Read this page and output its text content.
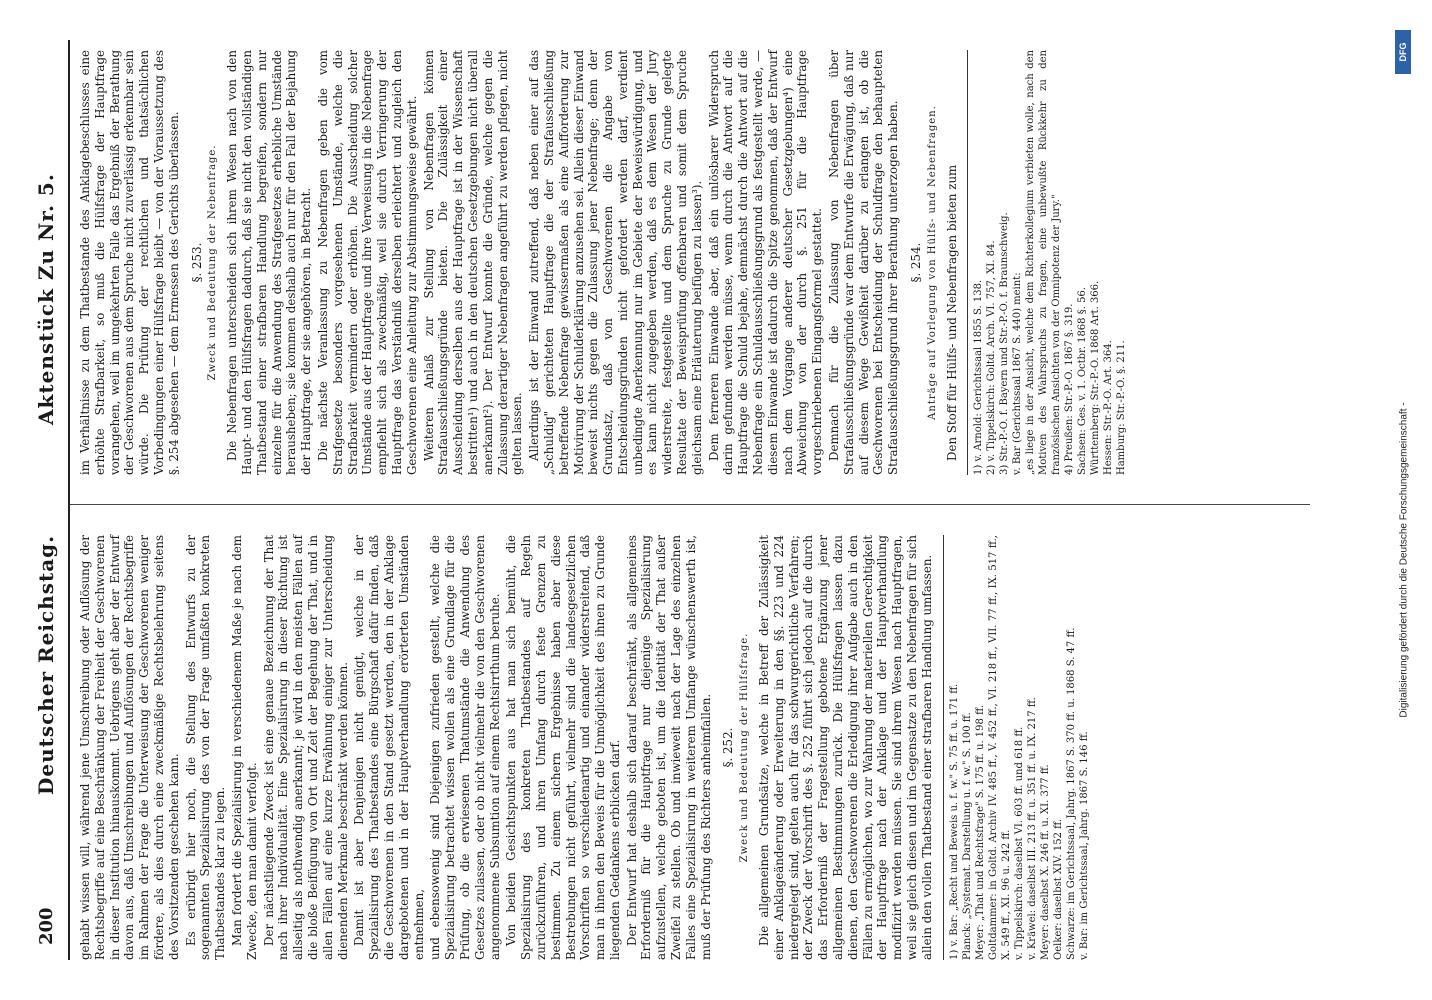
200
Deutscher Reichstag.
Aktenstück Zu Nr. 5.

gehabt wissen will, während jene Umschreibung oder Auflösung der Rechtsbegriffe auf eine Beschränkung der Freiheit der Geschworenen in dieser Institution hinauskommt. Uebrigens geht aber der Entwurf davon aus, daß Umschreibungen und Auflösungen der Rechtsbegriffe im Rahmen der Frage die Unterweisung der Geschworenen weniger fördere, als dies durch eine zweckmäßige Rechtsbelehrung seitens des Vorsitzenden geschehen kann. Es erübrigt hier noch, die Stellung des Entwurfs zu der sogenannten Spezialisirung des von der Frage umfaßten konkreten Thatbestandes klar zu legen. Man fordert die Spezialisirung in verschiedenem Maße je nach dem Zwecke, den man damit verfolgt. Der nächstliegende Zweck ist eine genaue Bezeichnung der That nach ihrer Individualität. Eine Spezialisirung in dieser Richtung ist allseitig als nothwendig anerkannt; je wird in den meisten Fällen auf die bloße Beifügung von Ort und Zeit der Begehung der That, und in allen Fällen auf eine kurze Erwähnung einiger zur Unterscheidung dienenden Merkmale beschränkt werden können. Damit ist aber Denjenigen nicht genügt, welche in der Spezialisirung des Thatbestandes eine Bürgschaft dafür finden, daß die Geschworenen in den Stand gesetzt werden, den in der Anklage dargebotenen und in der Hauptverhandlung erörterten Umständen entnehmen, und ebensowenig sind Diejenigen zufrieden gestellt, welche die Spezialisirung betrachtet wissen wollen als eine Grundlage für die Prüfung, ob die erwiesenen Thatumstände die Anwendung des Gesetzes zulassen, oder ob nicht vielmehr die von den Geschworenen angenommene Subsumtion auf einem Rechtsirrthum beruhe. Von beiden Gesichtspunkten aus hat man sich bemüht, die Spezialisirung des konkreten Thatbestandes auf Regeln zurückzuführen, und ihren Umfang durch feste Grenzen zu bestimmen. Zu einem sichern Ergebnisse haben aber diese Bestrebungen nicht geführt, vielmehr sind die landesgesetzlichen Vorschriften so verschiedenartig und einander widerstreitend, daß man in ihnen den Beweis für die Unmöglichkeit des ihnen zu Grunde liegenden Gedankens erblicken darf. Der Entwurf hat deshalb sich darauf beschränkt, als allgemeines Erforderniß für die Hauptfrage nur diejenige Spezialisirung aufzustellen, welche geboten ist, um die Identität der That außer Zweifel zu stellen. Ob und inwieweit nach der Lage des einzelnen Falles eine Spezialisirung in weiterem Umfange wünschenswerth ist, muß der Prüfung des Richters anheimfallen. §. 252. Zweck und Bedeutung der Hülfsfrage. Die allgemeinen Grundsätze, welche in Betreff der Zulässigkeit einer Anklageänderung oder Erweiterung in den §§. 223 und 224 niedergelegt sind, gelten auch für das schwurgerichtliche Verfahren; der Zweck der Vorschrift des §. 252 führt sich jedoch auf die durch das Erforderniß der Fragestellung gebotene Ergänzung jener allgemeinen Bestimmungen zurück. Die Hülfsfragen lassen dazu dienen, den Geschworenen die Erledigung ihrer Aufgabe auch in den Fällen zu ermöglichen, wo zur Wahrung der materiellen Gerechtigkeit der Hauptfrage nach der Anklage und der Hauptverhandlung modifizirt werden müssen. Sie sind ihrem Wesen nach Hauptfragen, weil sie gleich diesen und im Gegensatze zu den Nebenfragen für sich allein den vollen Thatbestand einer strafbaren Handlung umfassen. 1) v. Bar: „Recht und Beweis u. f. w." S. 75 ff. u. 171 ff. Planck: „Systemat. Darstellung u. f. w." S. 100 ff. Meyer: „That und Rechtsfrage" S. 175 ff. u. 198 ff. Goltdammer: in Goltd. Archiv IV. 485 ff., V. 452 ff., VI. 218 ff., VII. 77 ff., IX. 517 ff., X. 549 ff., XI. 96 u. 242 ff. v. Tippelskirch: daselbst VI. 603 ff. und 618 ff. v. Kräwel: daselbst III. 213 ff. u. 351 ff. u. IX. 217 ff. Meyer: daselbst X. 246 ff. u. XI. 377 ff. Oelker: daselbst XIV. 152 ff. Schwarze: im Gerichtssaal, Jahrg. 1867 S. 370 ff. u. 1868 S. 47 ff. v. Bar: im Gerichtssaal, Jahrg. 1867 S. 146 ff.

im Verhältnisse zu dem Thatbestande des Anklagebeschlusses eine erhöhte Strafbarkeit, so muß die Hülfsfrage der Hauptfrage vorangehen, weil im umgekehrten Falle das Ergebniß der Berathung der Geschworenen aus dem Spruche nicht zuverlässig erkennbar sein würde. Die Prüfung der rechtlichen und thatsächlichen Vorbedingungen einer Hülfsfrage bleibt — von der Voraussetzung des §. 254 abgesehen — dem Ermessen des Gerichts überlassen. §. 253. Zweck und Bedeutung der Nebenfrage. Die Nebenfragen unterscheiden sich ihrem Wesen nach von den Haupt- und den Hülfsfragen dadurch, daß sie nicht den vollständigen Thatbestand einer strafbaren Handlung begreifen, sondern nur einzelne für die Anwendung des Strafgesetzes erhebliche Umstände herausheben; sie kommen deshalb auch nur für den Fall der Bejahung der Hauptfrage, der sie angehören, in Betracht. Die nächste Veranlassung zu Nebenfragen geben die vom Strafgesetze besonders vorgesehenen Umstände, welche die Strafbarkeit vermindern oder erhöhen. Die Ausscheidung solcher Umstände aus der Hauptfrage und ihre Verweisung in die Nebenfrage empfiehlt sich als zweckmäßig, weil sie durch Verringerung der Hauptfrage das Verständniß derselben erleichtert und zugleich den Geschworenen eine Anleitung zur Abstimmungsweise gewährt. Weiteren Anlaß zur Stellung von Nebenfragen können Strafausschließungsgründe bieten. Die Zulässigkeit einer Ausscheidung derselben aus der Hauptfrage ist in der Wissenschaft bestritten¹) und auch in den deutschen Gesetzgebungen nicht überall anerkannt²). Der Entwurf konnte die Gründe, welche gegen die Zulassung derartiger Nebenfragen angeführt zu werden pflegen, nicht gelten lassen. Allerdings ist der Einwand zutreffend, daß neben einer auf das „Schuldig" gerichteten Hauptfrage die der Strafausschließung betreffende Nebenfrage gewissermaßen als eine Aufforderung zur Motivirung der Schulderklärung anzusehen sei. Allein dieser Einwand beweist nichts gegen die Zulassung jener Nebenfrage; denn der Grundsatz, daß von Geschworenen die Angabe von Entscheidungsgründen nicht gefordert werden darf, verdient unbedingte Anerkennung nur im Gebiete der Beweiswürdigung, und es kann nicht zugegeben werden, daß es dem Wesen der Jury widerstreite, festgestellte und dem Spruche zu Grunde gelegte Resultate der Beweisprüfung offenbaren und somit dem Spruche gleichsam eine Erläuterung beifügen zu lassen³). Dem ferneren Einwande aber, daß ein unlösbarer Widerspruch darin gefunden werden müsse, wenn durch die Antwort auf die Hauptfrage die Schuld bejahe, demnächst durch die Antwort auf die Nebenfrage ein Schuldausschließungsgrund als festgestellt werde, — diesem Einwande ist dadurch die Spitze genommen, daß der Entwurf nach dem Vorgange anderer deutscher Gesetzgebungen⁴) eine Abweichung von der durch §. 251 für die Hauptfrage vorgeschriebenen Eingangsformel gestattet. Demnach für die Zulassung von Nebenfragen über Strafausschließungsgründe war dem Entwurfe die Erwägung, daß nur auf diesem Wege Gewißheit darüber zu erlangen ist, ob die Geschworenen bei Entscheidung der Schuldfrage den behaupteten Strafausschließungsgrund ihrer Berathung unterzogen haben. §. 254. Anträge auf Vorlegung von Hülfs- und Nebenfragen. Den Stoff für Hülfs- und Nebenfragen bieten zum 1) v. Arnold: Gerichtssaal 1855 S. 138. 2) v. Tippelskirch: Goltd. Arch. VI. 757, XI. 84. 3) Str.-P.-O. f. Bayern und Str.-P.-O. f. Braunschweig. v. Bar (Gerichtssaal 1867 S. 440) meint: „es liege in der Ansicht, welche dem Richterkollegium verbieten wolle, nach den Motiven des Wahrspruchs zu fragen, eine unbewußte Rückkehr zu den französischen Ansichten von der Omnipotenz der Jury." 4) Preußen: Str.-P.-O. 1867 §. 319. Sachsen: Ges. v. 1. Octbr. 1868 §. 56. Württemberg: Str.-P.-O. 1868 Art. 366. Hessen: Str.-P.-O. Art. 364. Hamburg: Str.-P.-O. §. 211.
DFG
Digitalisierung gefördert durch die Deutsche Forschungsgemeinschaft -
